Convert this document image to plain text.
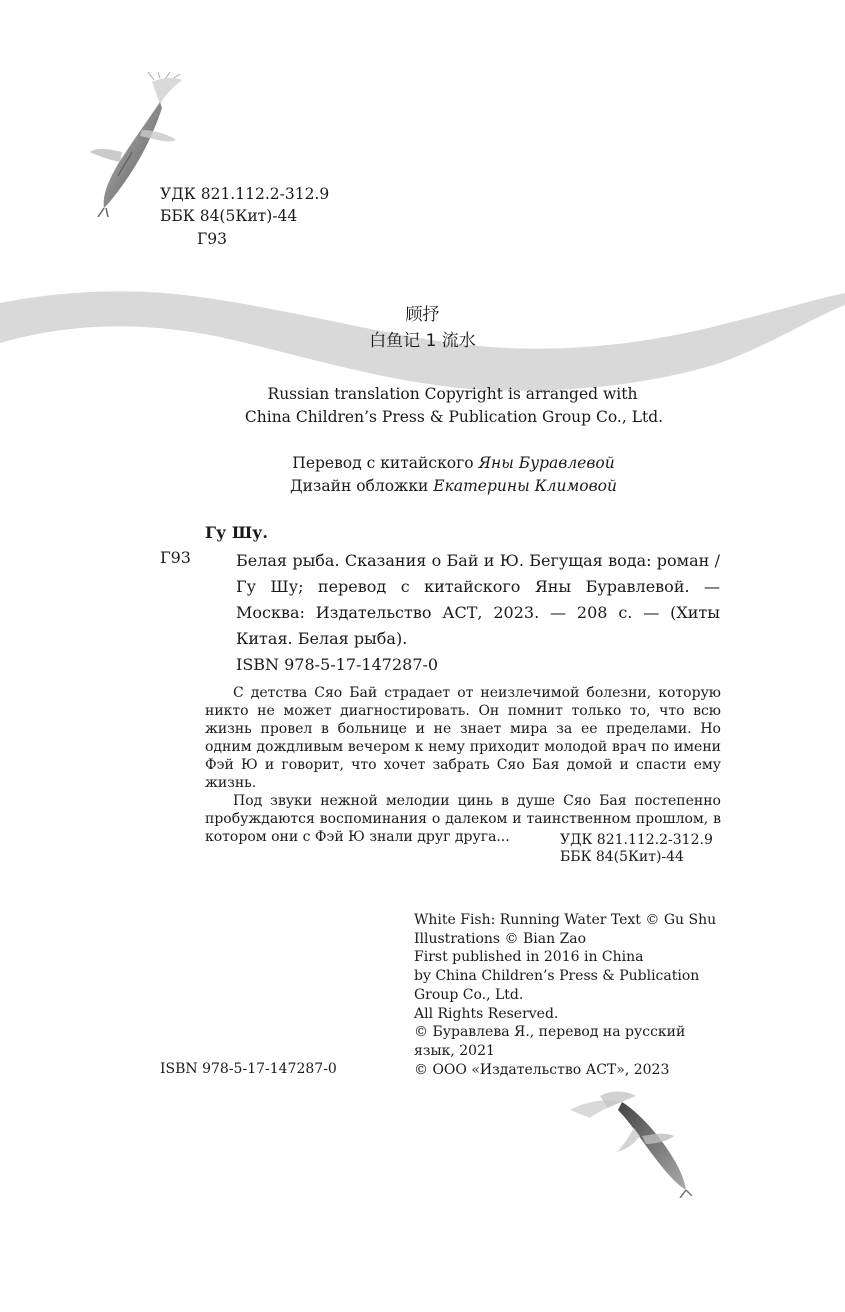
УДК 821.112.2-312.9
ББК 84(5Кит)-44
Г93
顾抒
白鱼记 1 流水
Russian translation Copyright is arranged with
China Children’s Press & Publication Group Co., Ltd.
Перевод с китайского Яны Буравлевой
Дизайн обложки Екатерины Климовой
Гу Шу.
Г93	Белая рыба. Сказания о Бай и Ю. Бегущая вода: роман / Гу Шу; перевод с китайского Яны Буравлевой. — Москва: Издательство АСТ, 2023. — 208 с. — (Хиты Китая. Белая рыба).
ISBN 978-5-17-147287-0

С детства Сяо Бай страдает от неизлечимой болезни, которую никто не может диагностировать. Он помнит только то, что всю жизнь провел в больнице и не знает мира за ее пределами. Но одним дождливым вечером к нему приходит молодой врач по имени Фэй Ю и говорит, что хочет забрать Сяо Бая домой и спасти ему жизнь.

Под звуки нежной мелодии цинь в душе Сяо Бая постепенно пробуждаются воспоминания о далеком и таинственном прошлом, в котором они с Фэй Ю знали друг друга...	УДК 821.112.2-312.9
ББК 84(5Кит)-44
White Fish: Running Water Text © Gu Shu
Illustrations © Bian Zao
First published in 2016 in China
by China Children’s Press & Publication
Group Co., Ltd.
All Rights Reserved.
© Буравлева Я., перевод на русский
язык, 2021
© ООО «Издательство АСТ», 2023
ISBN 978-5-17-147287-0
